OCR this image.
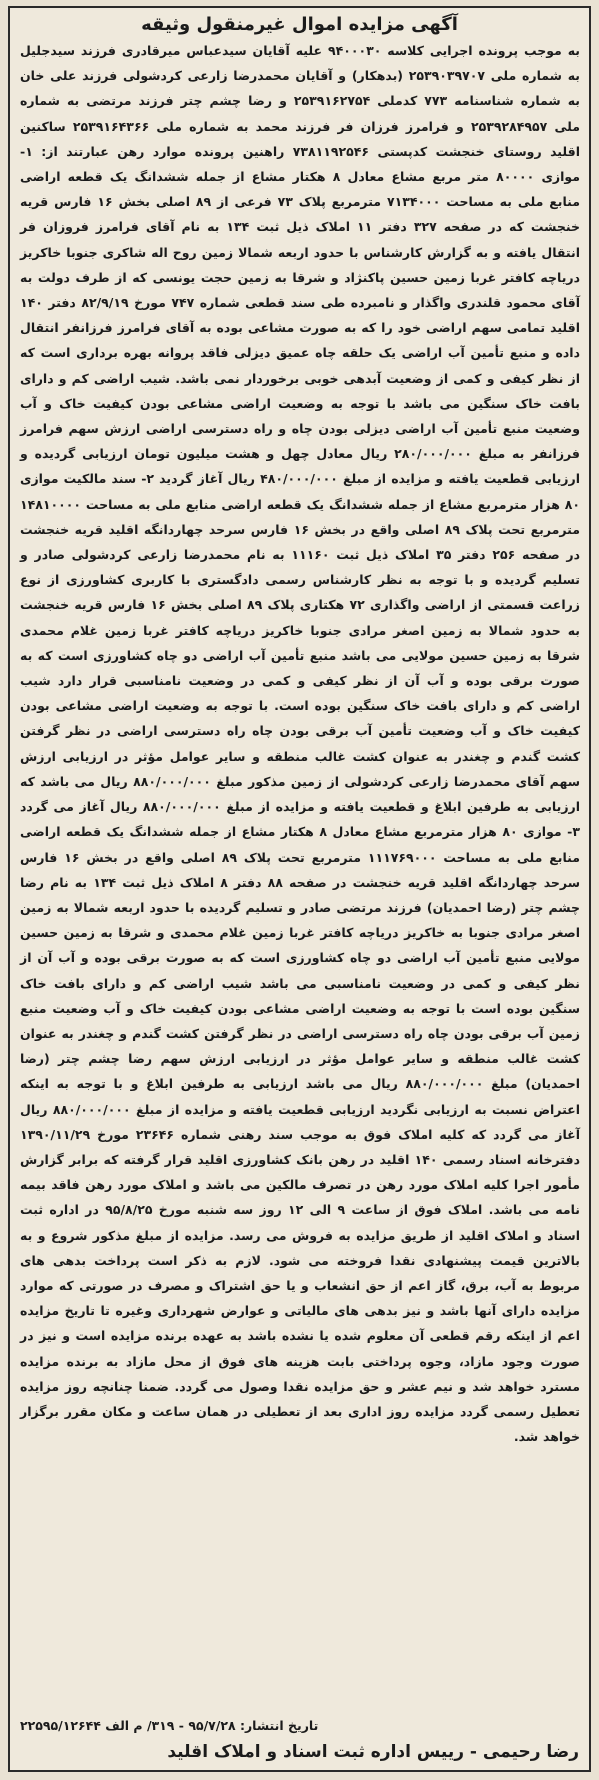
آگهی مزایده اموال غیرمنقول وثیقه

به موجب پرونده اجرایی کلاسه ۹۴۰۰۰۳۰ علیه آقایان سیدعباس میرقادری فرزند سیدجلیل به شماره ملی ۲۵۳۹۰۳۹۷۰۷ (بدهکار) و آقایان محمدرضا زارعی کردشولی فرزند علی خان به شماره شناسنامه ۷۷۳ کدملی ۲۵۳۹۱۶۲۷۵۴ و رضا چشم چتر فرزند مرتضی به شماره ملی ۲۵۳۹۲۸۴۹۵۷ و فرامرز فرزان فر فرزند محمد به شماره ملی ۲۵۳۹۱۶۴۳۶۶ ساکنین اقلید روستای خنجشت کدپستی ۷۳۸۱۱۹۲۵۴۶ راهنین پرونده موارد رهن عبارتند از: ۱- موازی ۸۰۰۰۰ متر مربع مشاع معادل ۸ هکتار مشاع از جمله ششدانگ یک قطعه اراضی منابع ملی به مساحت ۷۱۳۴۰۰۰ مترمربع پلاک ۷۳ فرعی از ۸۹ اصلی بخش ۱۶ فارس قریه خنجشت که در صفحه ۳۲۷ دفتر ۱۱ املاک ذیل ثبت ۱۳۴ به نام آقای فرامرز فروزان فر انتقال یافته و به گزارش کارشناس با حدود اربعه شمالا زمین روح اله شاکری جنوبا خاکریز دریاچه کافتر غربا زمین حسین پاکنژاد و شرقا به زمین حجت یونسی که از طرف دولت به آقای محمود قلندری واگذار و نامبرده طی سند قطعی شماره ۷۴۷ مورخ ۸۲/۹/۱۹ دفتر ۱۴۰ اقلید تمامی سهم اراضی خود را که به صورت مشاعی بوده به آقای فرامرز فرزانفر انتقال داده و منبع تأمین آب اراضی یک حلقه چاه عمیق دیزلی فاقد پروانه بهره برداری است که از نظر کیفی و کمی از وضعیت آبدهی خوبی برخوردار نمی باشد. شیب اراضی کم و دارای بافت خاک سنگین می باشد با توجه به وضعیت اراضی مشاعی بودن کیفیت خاک و آب وضعیت منبع تأمین آب اراضی دیزلی بودن چاه و راه دسترسی اراضی ارزش سهم فرامرز فرزانفر به مبلغ ۲۸۰/۰۰۰/۰۰۰ ریال معادل چهل و هشت میلیون تومان ارزیابی گردیده و ارزیابی قطعیت یافته و مزایده از مبلغ ۴۸۰/۰۰۰/۰۰۰ ریال آغاز گردید ۲- سند مالکیت موازی ۸۰ هزار مترمربع مشاع از جمله ششدانگ یک قطعه اراضی منابع ملی به مساحت ۱۴۸۱۰۰۰۰ مترمربع تحت پلاک ۸۹ اصلی واقع در بخش ۱۶ فارس سرحد چهاردانگه اقلید قریه خنجشت در صفحه ۲۵۶ دفتر ۳۵ املاک ذیل ثبت ۱۱۱۶۰ به نام محمدرضا زارعی کردشولی صادر و تسلیم گردیده و با توجه به نظر کارشناس رسمی دادگستری با کاربری کشاورزی از نوع زراعت قسمتی از اراضی واگذاری ۷۲ هکتاری پلاک ۸۹ اصلی بخش ۱۶ فارس قریه خنجشت به حدود شمالا به زمین اصغر مرادی جنوبا خاکریز دریاچه کافتر غربا زمین غلام محمدی شرقا به زمین حسین مولایی می باشد منبع تأمین آب اراضی دو چاه کشاورزی است که به صورت برقی بوده و آب آن از نظر کیفی و کمی در وضعیت نامناسبی قرار دارد شیب اراضی کم و دارای بافت خاک سنگین بوده است. با توجه به وضعیت اراضی مشاعی بودن کیفیت خاک و آب وضعیت تأمین آب برقی بودن چاه راه دسترسی اراضی در نظر گرفتن کشت گندم و چغندر به عنوان کشت غالب منطقه و سایر عوامل مؤثر در ارزیابی ارزش سهم آقای محمدرضا زارعی کردشولی از زمین مذکور مبلغ ۸۸۰/۰۰۰/۰۰۰ ریال می باشد که ارزیابی به طرفین ابلاغ و قطعیت یافته و مزایده از مبلغ ۸۸۰/۰۰۰/۰۰۰ ریال آغاز می گردد ۳- موازی ۸۰ هزار مترمربع مشاع معادل ۸ هکتار مشاع از جمله ششدانگ یک قطعه اراضی منابع ملی به مساحت ۱۱۱۷۶۹۰۰۰ مترمربع تحت پلاک ۸۹ اصلی واقع در بخش ۱۶ فارس سرحد چهاردانگه اقلید قریه خنجشت در صفحه ۸۸ دفتر ۸ املاک ذیل ثبت ۱۳۴ به نام رضا چشم چتر (رضا احمدیان) فرزند مرتضی صادر و تسلیم گردیده با حدود اربعه شمالا به زمین اصغر مرادی جنوبا به خاکریز دریاچه کافتر غربا زمین غلام محمدی و شرقا به زمین حسین مولایی منبع تأمین آب اراضی دو چاه کشاورزی است که به صورت برقی بوده و آب آن از نظر کیفی و کمی در وضعیت نامناسبی می باشد شیب اراضی کم و دارای بافت خاک سنگین بوده است با توجه به وضعیت اراضی مشاعی بودن کیفیت خاک و آب وضعیت منبع زمین آب برقی بودن چاه راه دسترسی اراضی در نظر گرفتن کشت گندم و چغندر به عنوان کشت غالب منطقه و سایر عوامل مؤثر در ارزیابی ارزش سهم رضا چشم چتر (رضا احمدیان) مبلغ ۸۸۰/۰۰۰/۰۰۰ ریال می باشد ارزیابی به طرفین ابلاغ و با توجه به اینکه اعتراض نسبت به ارزیابی نگردید ارزیابی قطعیت یافته و مزایده از مبلغ ۸۸۰/۰۰۰/۰۰۰ ریال آغاز می گردد که کلیه املاک فوق به موجب سند رهنی شماره ۲۳۶۴۶ مورخ ۱۳۹۰/۱۱/۲۹ دفترخانه اسناد رسمی ۱۴۰ اقلید در رهن بانک کشاورزی اقلید قرار گرفته که برابر گزارش مأمور اجرا کلیه املاک مورد رهن در تصرف مالکین می باشد و املاک مورد رهن فاقد بیمه نامه می باشد. املاک فوق از ساعت ۹ الی ۱۲ روز سه شنبه مورخ ۹۵/۸/۲۵ در اداره ثبت اسناد و املاک اقلید از طریق مزایده به فروش می رسد. مزایده از مبلغ مذکور شروع و به بالاترین قیمت پیشنهادی نقدا فروخته می شود. لازم به ذکر است پرداخت بدهی های مربوط به آب، برق، گاز اعم از حق انشعاب و یا حق اشتراک و مصرف در صورتی که موارد مزایده دارای آنها باشد و نیز بدهی های مالیاتی و عوارض شهرداری وغیره تا تاریخ مزایده اعم از اینکه رقم قطعی آن معلوم شده یا نشده باشد به عهده برنده مزایده است و نیز در صورت وجود مازاد، وجوه پرداختی بابت هزینه های فوق از محل مازاد به برنده مزایده مسترد خواهد شد و نیم عشر و حق مزایده نقدا وصول می گردد. ضمنا چنانچه روز مزایده تعطیل رسمی گردد مزایده روز اداری بعد از تعطیلی در همان ساعت و مکان مقرر برگزار خواهد شد.

تاریخ انتشار: ۹۵/۷/۲۸ - ۳۱۹/ م الف ۲۲۵۹۵/۱۲۶۴۴
رضا رحیمی - رییس اداره ثبت اسناد و املاک اقلید
